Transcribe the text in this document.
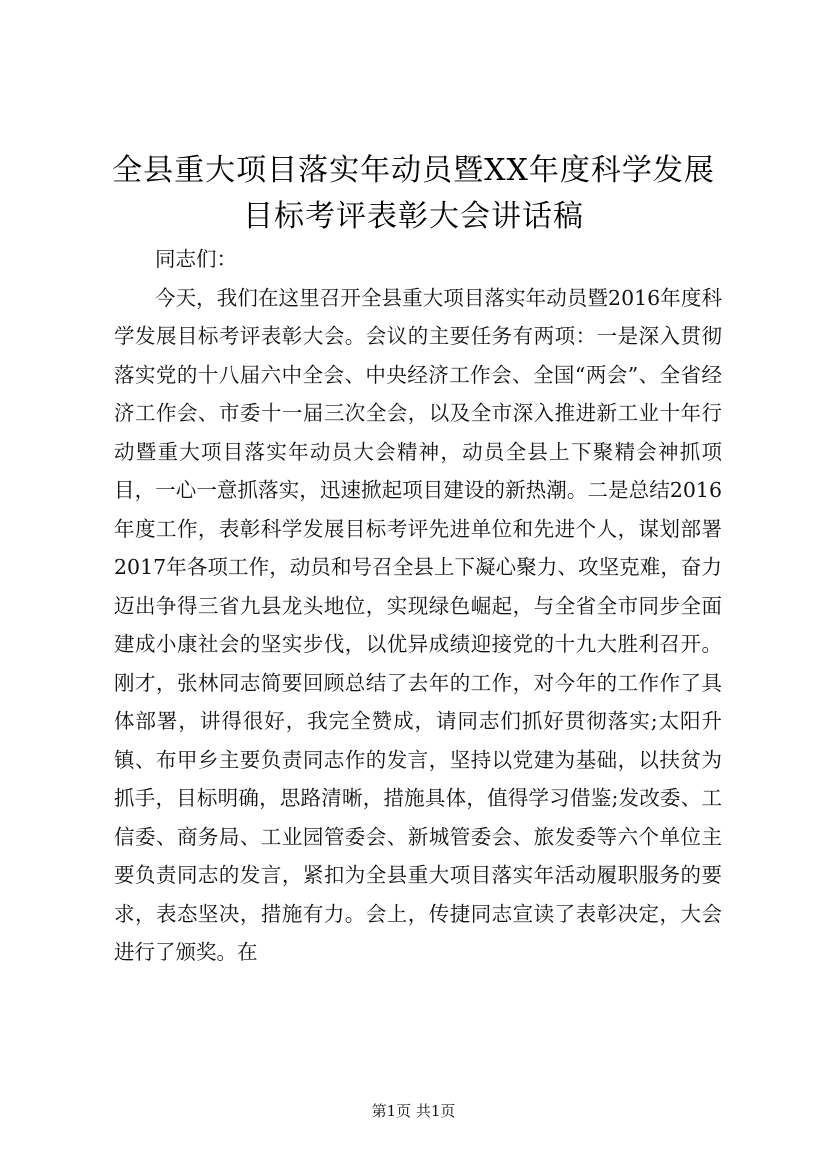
全县重大项目落实年动员暨XX年度科学发展
目标考评表彰大会讲话稿

同志们：

今天，我们在这里召开全县重大项目落实年动员暨2016年度科学发展目标考评表彰大会。会议的主要任务有两项：一是深入贯彻落实党的十八届六中全会、中央经济工作会、全国“两会”、全省经济工作会、市委十一届三次全会，以及全市深入推进新工业十年行动暨重大项目落实年动员大会精神，动员全县上下聚精会神抓项目，一心一意抓落实，迅速掀起项目建设的新热潮。二是总结2016年度工作，表彰科学发展目标考评先进单位和先进个人，谋划部署2017年各项工作，动员和号召全县上下凝心聚力、攻坚克难，奋力迈出争得三省九县龙头地位，实现绿色崛起，与全省全市同步全面建成小康社会的坚实步伐，以优异成绩迎接党的十九大胜利召开。刚才，张林同志简要回顾总结了去年的工作，对今年的工作作了具体部署，讲得很好，我完全赞成，请同志们抓好贯彻落实;太阳升镇、布甲乡主要负责同志作的发言，坚持以党建为基础，以扶贫为抓手，目标明确，思路清晰，措施具体，值得学习借鉴;发改委、工信委、商务局、工业园管委会、新城管委会、旅发委等六个单位主要负责同志的发言，紧扣为全县重大项目落实年活动履职服务的要求，表态坚决，措施有力。会上，传捷同志宣读了表彰决定，大会进行了颁奖。在

第1页 共1页
